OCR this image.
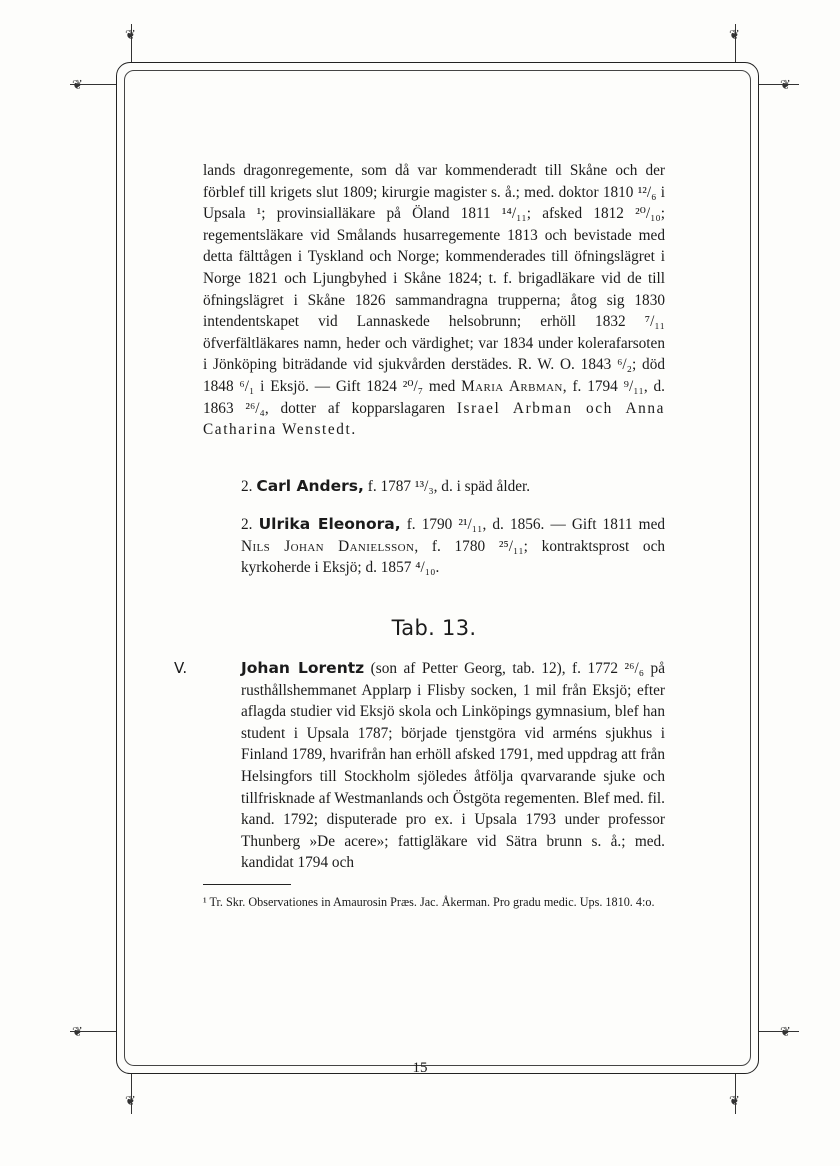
❦	❦
❦	❦
❦	❦
❦	❦

lands dragonregemente, som då var kommenderadt till Skåne och der förblef till krigets slut 1809; kirurgie magister s. å.; med. doktor 1810 ¹²/₆ i Upsala ¹; provinsialläkare på Öland 1811 ¹⁴/₁₁; afsked 1812 ²⁰/₁₀; regementsläkare vid Smålands husarregemente 1813 och bevistade med detta fälttågen i Tyskland och Norge; kommenderades till öfningslägret i Norge 1821 och Ljungbyhed i Skåne 1824; t. f. brigadläkare vid de till öfningslägret i Skåne 1826 sammandragna trupperna; åtog sig 1830 intendentskapet vid Lannaskede helsobrunn; erhöll 1832 ⁷/₁₁ öfverfältläkares namn, heder och värdighet; var 1834 under kolerafarsoten i Jönköping biträdande vid sjukvården derstädes. R. W. O. 1843 ⁶/₂; död 1848 ⁶/₁ i Eksjö. — Gift 1824 ²⁰/₇ med Maria Arbman, f. 1794 ⁹/₁₁, d. 1863 ²⁶/₄, dotter af kopparslagaren Israel Arbman och Anna Catharina Wenstedt.

2. Carl Anders, f. 1787 ¹³/₃, d. i späd ålder.

2. Ulrika Eleonora, f. 1790 ²¹/₁₁, d. 1856. — Gift 1811 med Nils Johan Danielsson, f. 1780 ²⁵/₁₁; kontraktsprost och kyrkoherde i Eksjö; d. 1857 ⁴/₁₀.

Tab. 13.
V.	Johan Lorentz (son af Petter Georg, tab. 12), f. 1772 ²⁶/₆ på rusthållshemmanet Applarp i Flisby socken, 1 mil från Eksjö; efter aflagda studier vid Eksjö skola och Linköpings gymnasium, blef han student i Upsala 1787; började tjenstgöra vid arméns sjukhus i Finland 1789, hvarifrån han erhöll afsked 1791, med uppdrag att från Helsingfors till Stockholm sjöledes åtfölja qvarvarande sjuke och tillfrisknade af Westmanlands och Östgöta regementen. Blef med. fil. kand. 1792; disputerade pro ex. i Upsala 1793 under professor Thunberg »De acere»; fattigläkare vid Sätra brunn s. å.; med. kandidat 1794 och

¹ Tr. Skr. Observationes in Amaurosin Præs. Jac. Åkerman. Pro gradu medic. Ups. 1810. 4:o.
15
